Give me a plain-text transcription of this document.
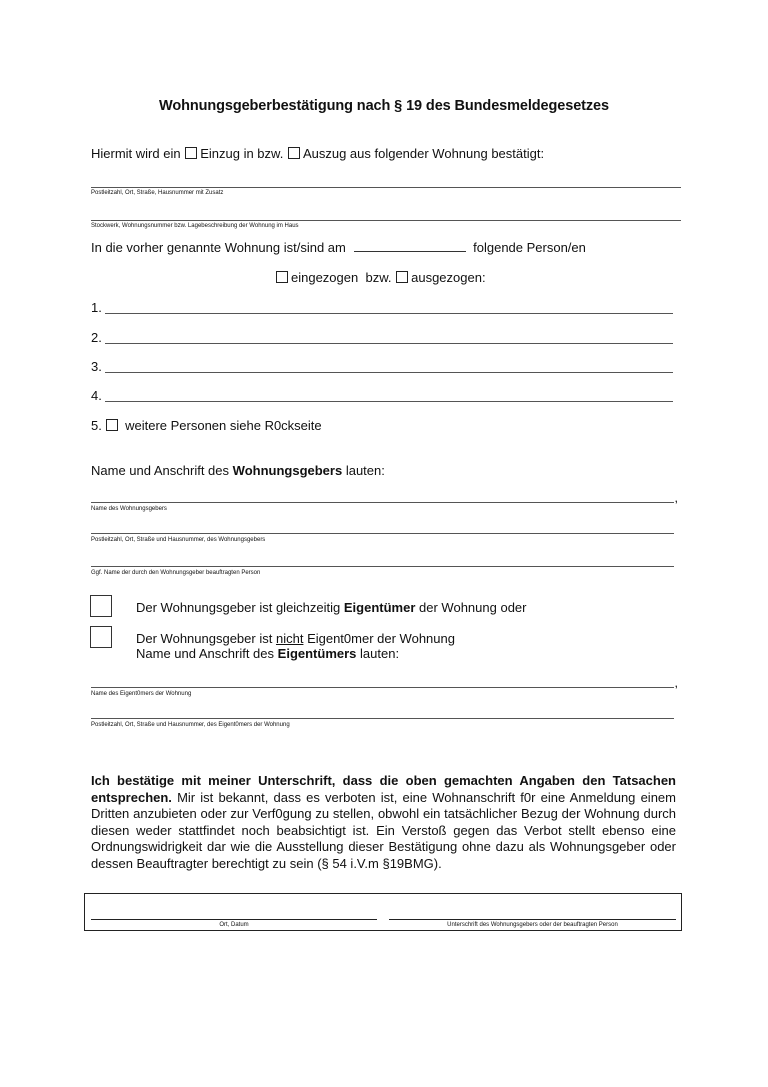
Wohnungsgeberbestätigung nach § 19 des Bundesmeldegesetzes
Hiermit wird ein Einzug in bzw. Auszug aus folgender Wohnung bestätigt:
Postleitzahl, Ort, Straße, Hausnummer mit Zusatz
Stockwerk, Wohnungsnummer bzw. Lagebeschreibung der Wohnung im Haus
In die vorher genannte Wohnung ist/sind am	folgende Person/en
eingezogen bzw. ausgezogen:
1.
2.
3.
4.
5. weitere Personen siehe R0ckseite
Name und Anschrift des Wohnungsgebers lauten:
,
Name des Wohnungsgebers
Postleitzahl, Ort, Straße und Hausnummer, des Wohnungsgebers
Ggf. Name der durch den Wohnungsgeber beauftragten Person
Der Wohnungsgeber ist gleichzeitig Eigentümer der Wohnung oder
Der Wohnungsgeber ist nicht Eigent0mer der Wohnung
Name und Anschrift des Eigentümers lauten:
,
Name des Eigent0mers der Wohnung
Postleitzahl, Ort, Straße und Hausnummer, des Eigent0mers der Wohnung
Ich bestätige mit meiner Unterschrift, dass die oben gemachten Angaben den Tatsachen entsprechen. Mir ist bekannt, dass es verboten ist, eine Wohnanschrift f0r eine Anmeldung einem Dritten anzubieten oder zur Verf0gung zu stellen, obwohl ein tatsächlicher Bezug der Wohnung durch diesen weder stattfindet noch beabsichtigt ist. Ein Verstoß gegen das Verbot stellt ebenso eine Ordnungswidrigkeit dar wie die Ausstellung dieser Bestätigung ohne dazu als Wohnungsgeber oder dessen Beauftragter berechtigt zu sein (§ 54 i.V.m §19BMG).
Ort, Datum	Unterschrift des Wohnungsgebers oder der beauftragten Person
